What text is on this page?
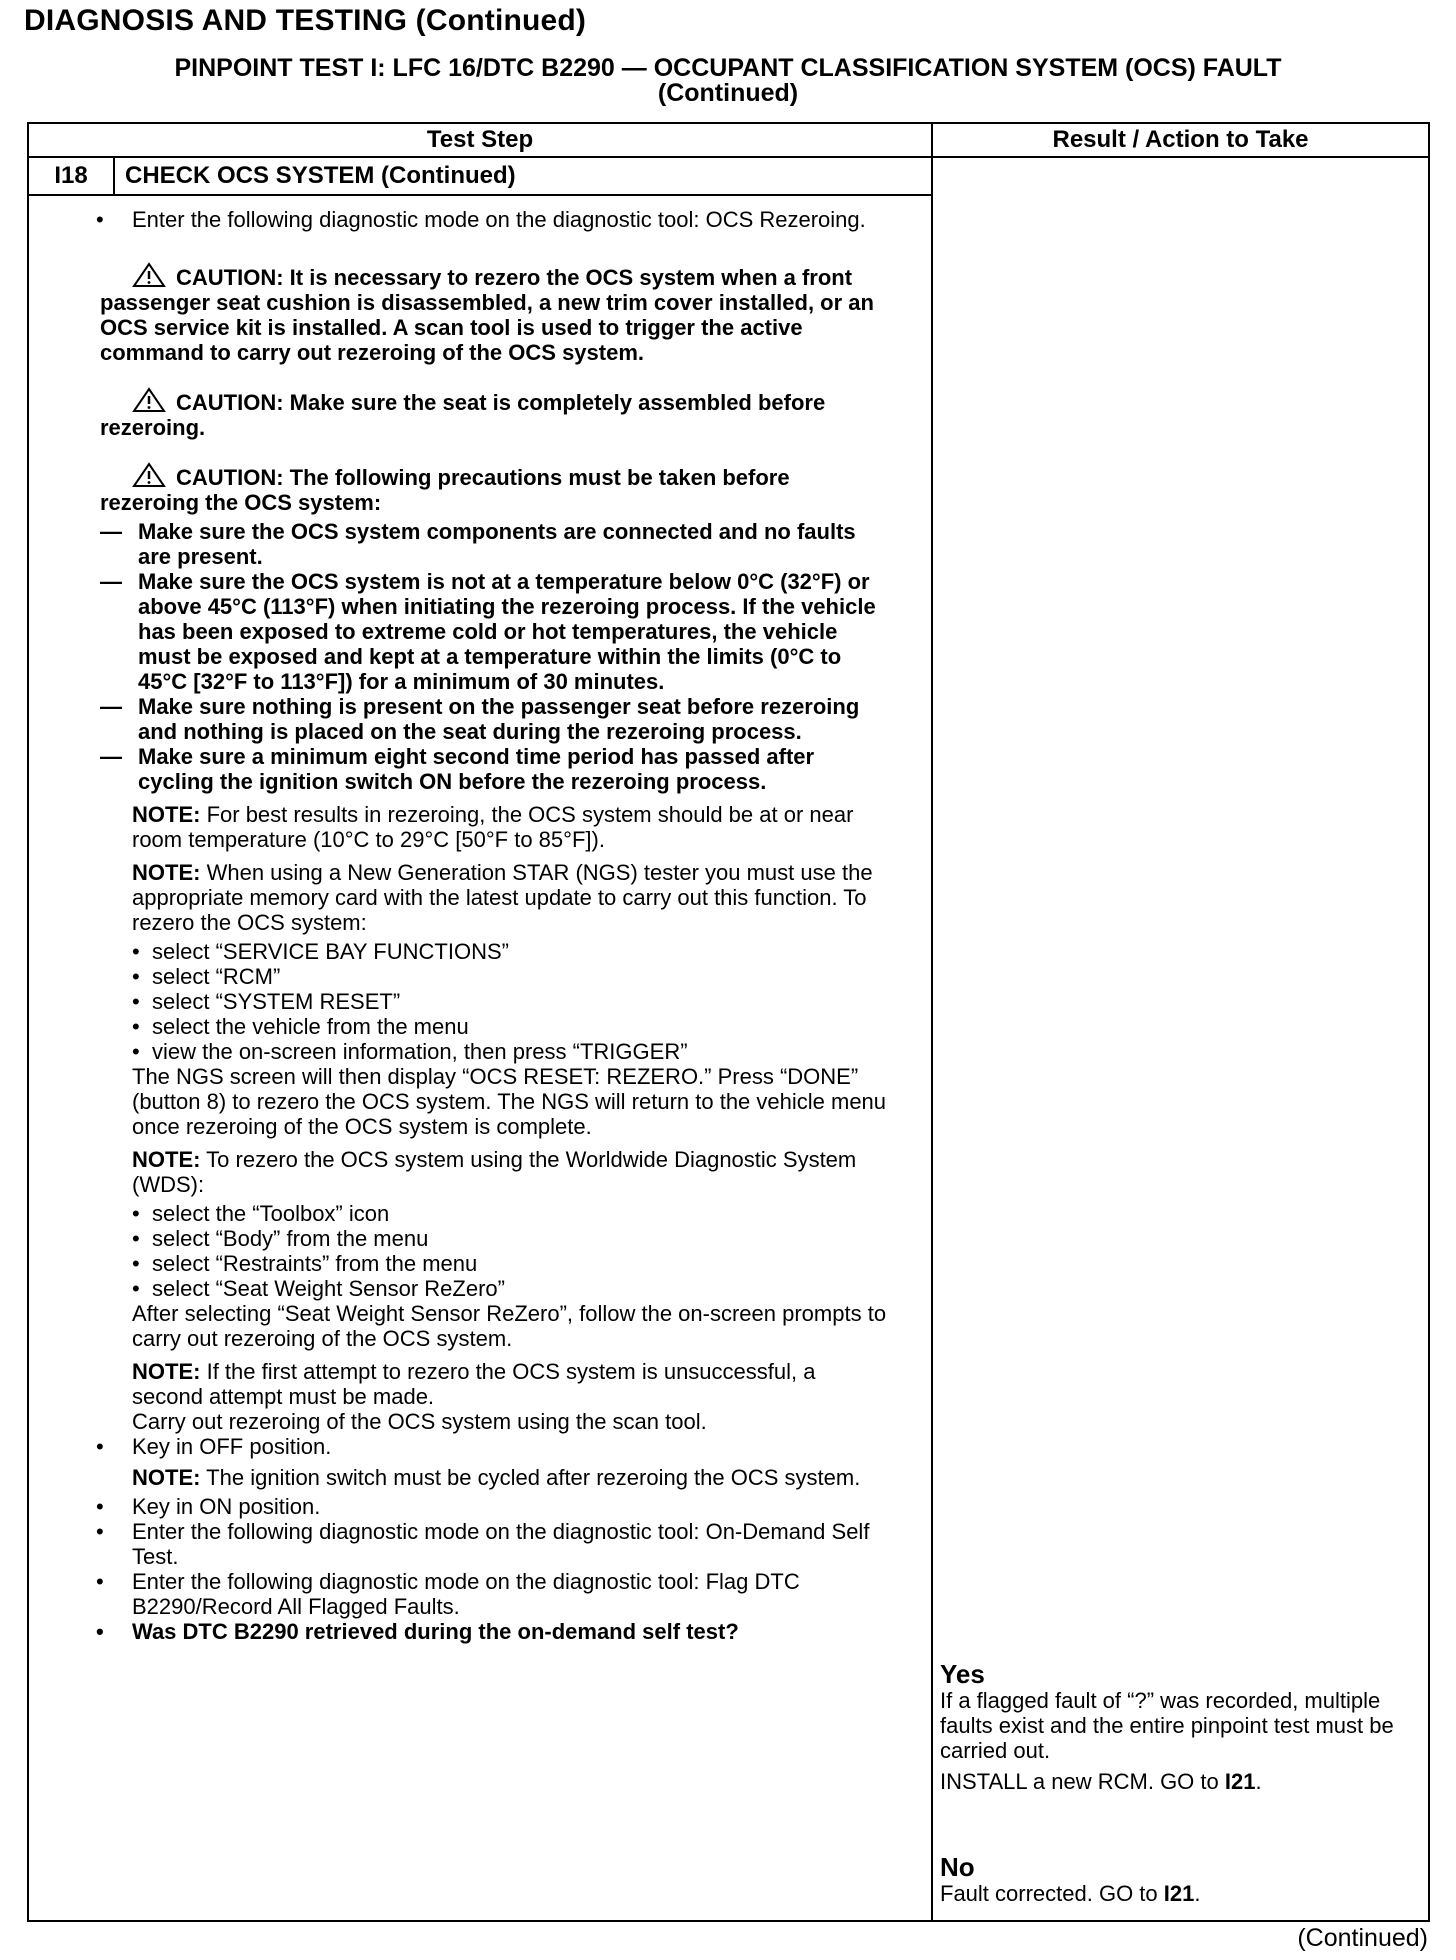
DIAGNOSIS AND TESTING (Continued)
PINPOINT TEST I: LFC 16/DTC B2290 — OCCUPANT CLASSIFICATION SYSTEM (OCS) FAULT
(Continued)
Test Step	Result / Action to Take
I18	CHECK OCS SYSTEM (Continued)

• Enter the following diagnostic mode on the diagnostic tool: OCS Rezeroing.

CAUTION: It is necessary to rezero the OCS system when a front passenger seat cushion is disassembled, a new trim cover installed, or an OCS service kit is installed. A scan tool is used to trigger the active command to carry out rezeroing of the OCS system.

CAUTION: Make sure the seat is completely assembled before rezeroing.

CAUTION: The following precautions must be taken before rezeroing the OCS system:

— Make sure the OCS system components are connected and no faults are present.

— Make sure the OCS system is not at a temperature below 0°C (32°F) or above 45°C (113°F) when initiating the rezeroing process. If the vehicle has been exposed to extreme cold or hot temperatures, the vehicle must be exposed and kept at a temperature within the limits (0°C to 45°C [32°F to 113°F]) for a minimum of 30 minutes.

— Make sure nothing is present on the passenger seat before rezeroing and nothing is placed on the seat during the rezeroing process.

— Make sure a minimum eight second time period has passed after cycling the ignition switch ON before the rezeroing process.

NOTE: For best results in rezeroing, the OCS system should be at or near room temperature (10°C to 29°C [50°F to 85°F]).

NOTE: When using a New Generation STAR (NGS) tester you must use the appropriate memory card with the latest update to carry out this function. To rezero the OCS system:

• select “SERVICE BAY FUNCTIONS”

• select “RCM”

• select “SYSTEM RESET”

• select the vehicle from the menu

• view the on-screen information, then press “TRIGGER”

The NGS screen will then display “OCS RESET: REZERO.” Press “DONE” (button 8) to rezero the OCS system. The NGS will return to the vehicle menu once rezeroing of the OCS system is complete.

NOTE: To rezero the OCS system using the Worldwide Diagnostic System (WDS):

• select the “Toolbox” icon

• select “Body” from the menu

• select “Restraints” from the menu

• select “Seat Weight Sensor ReZero”

After selecting “Seat Weight Sensor ReZero”, follow the on-screen prompts to carry out rezeroing of the OCS system.

NOTE: If the first attempt to rezero the OCS system is unsuccessful, a second attempt must be made.

Carry out rezeroing of the OCS system using the scan tool.

• Key in OFF position.

NOTE: The ignition switch must be cycled after rezeroing the OCS system.

• Key in ON position.

• Enter the following diagnostic mode on the diagnostic tool: On-Demand Self Test.

• Enter the following diagnostic mode on the diagnostic tool: Flag DTC B2290/Record All Flagged Faults.

• Was DTC B2290 retrieved during the on-demand self test?

Yes

If a flagged fault of “?” was recorded, multiple faults exist and the entire pinpoint test must be carried out.

INSTALL a new RCM. GO to I21.

No

Fault corrected. GO to I21.

(Continued)
